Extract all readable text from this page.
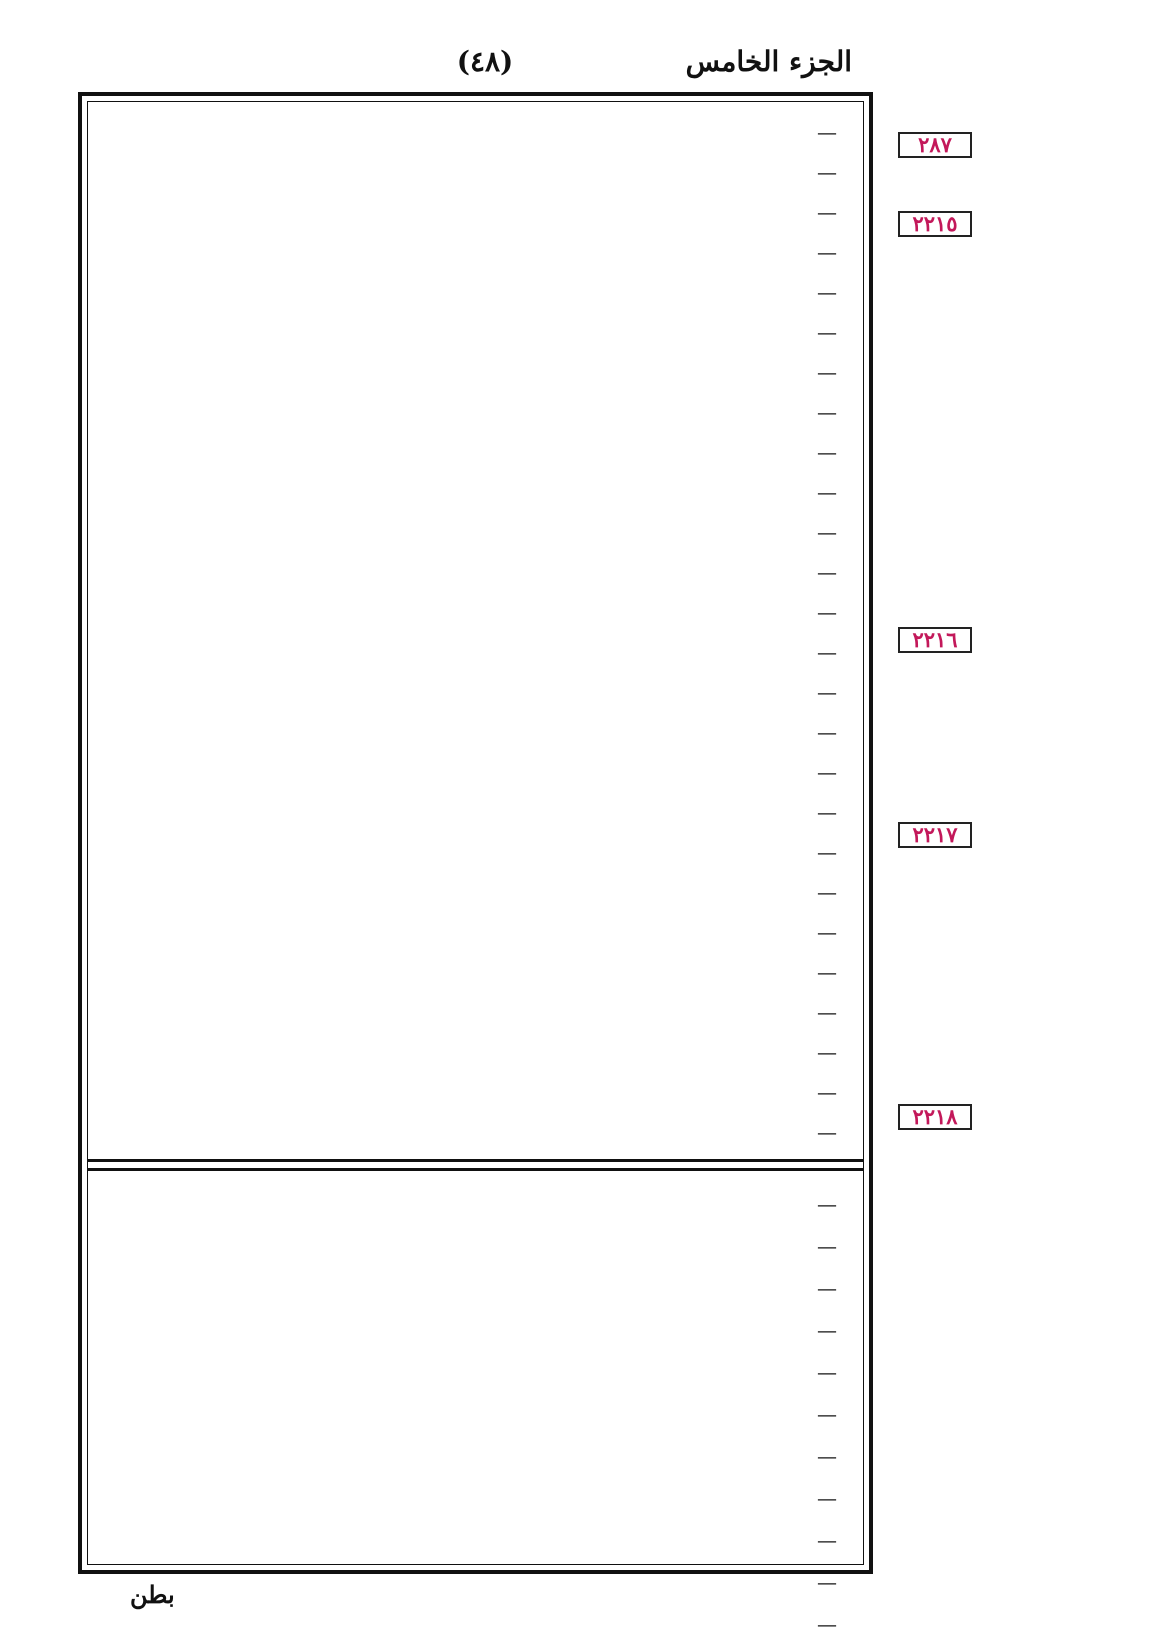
(٤٨)	الجزء الخامس
—
—
—
—
—
—
—
—
—
—
—
—
—
—
—
—
—
—
—
—
—
—
—
—
—
—
—
—
—
—
—
—
—
—
—
—
—
٢٨٧
٢٢١٥
٢٢١٦
٢٢١٧
٢٢١٨
بطن
